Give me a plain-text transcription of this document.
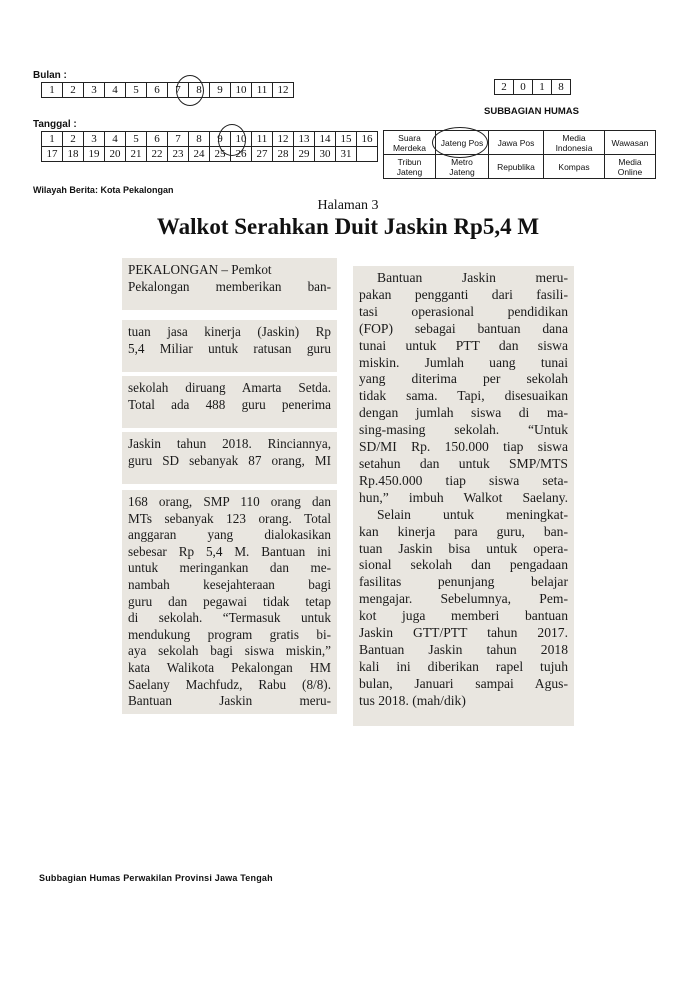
Bulan :
1	2	3	4	5	6	7	8	9	10	11	12	2	0	1	8
SUBBAGIAN HUMAS
Tanggal :
1	2	3	4	5	6	7	8	9	10	11	12	13	14	15	16
17	18	19	20	21	22	23	24	25	26	27	28	29	30	31	
Suara Merdeka	Jateng Pos	Jawa Pos	Media Indonesia	Wawasan
Tribun Jateng	Metro Jateng	Republika	Kompas	Media Online
Wilayah Berita: Kota Pekalongan
Halaman 3
Walkot Serahkan Duit Jaskin Rp5,4 M
PEKALONGAN – Pemkot
Pekalongan memberikan ban-
tuan jasa kinerja (Jaskin) Rp
5,4 Miliar untuk ratusan guru
sekolah diruang Amarta Setda.
Total ada 488 guru penerima
Jaskin tahun 2018. Rinciannya,
guru SD sebanyak 87 orang, MI
168 orang, SMP 110 orang dan
MTs sebanyak 123 orang. Total
anggaran yang dialokasikan
sebesar Rp 5,4 M. Bantuan ini
untuk meringankan dan me-
nambah kesejahteraan bagi
guru dan pegawai tidak tetap
di sekolah. “Termasuk untuk
mendukung program gratis bi-
aya sekolah bagi siswa miskin,”
kata Walikota Pekalongan HM
Saelany Machfudz, Rabu (8/8).
Bantuan Jaskin meru-
Bantuan Jaskin meru-
pakan pengganti dari fasili-
tasi operasional pendidikan
(FOP) sebagai bantuan dana
tunai untuk PTT dan siswa
miskin. Jumlah uang tunai
yang diterima per sekolah
tidak sama. Tapi, disesuaikan
dengan jumlah siswa di ma-
sing-masing sekolah. “Untuk
SD/MI Rp. 150.000 tiap siswa
setahun dan untuk SMP/MTS
Rp.450.000 tiap siswa seta-
hun,” imbuh Walkot Saelany.
Selain untuk meningkat-
kan kinerja para guru, ban-
tuan Jaskin bisa untuk opera-
sional sekolah dan pengadaan
fasilitas penunjang belajar
mengajar. Sebelumnya, Pem-
kot juga memberi bantuan
Jaskin GTT/PTT tahun 2017.
Bantuan Jaskin tahun 2018
kali ini diberikan rapel tujuh
bulan, Januari sampai Agus-
tus 2018. (mah/dik)
Subbagian Humas Perwakilan Provinsi Jawa Tengah
